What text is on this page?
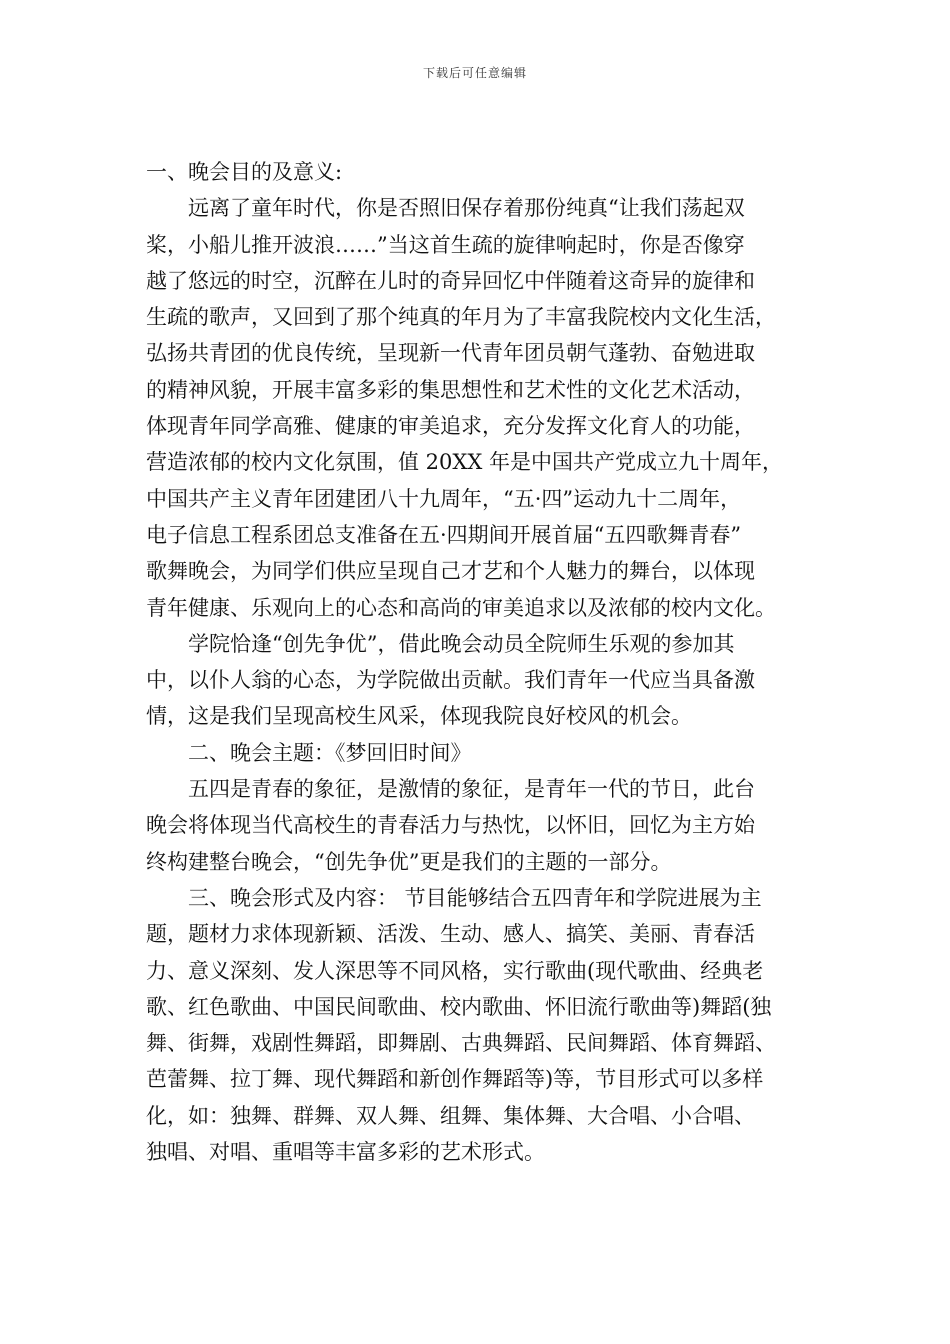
下载后可任意编辑
一、晚会目的及意义:
远离了童年时代，你是否照旧保存着那份纯真“让我们荡起双
桨，小船儿推开波浪……”当这首生疏的旋律响起时，你是否像穿
越了悠远的时空，沉醉在儿时的奇异回忆中伴随着这奇异的旋律和
生疏的歌声，又回到了那个纯真的年月为了丰富我院校内文化生活，
弘扬共青团的优良传统，呈现新一代青年团员朝气蓬勃、奋勉进取
的精神风貌，开展丰富多彩的集思想性和艺术性的文化艺术活动，
体现青年同学高雅、健康的审美追求，充分发挥文化育人的功能，
营造浓郁的校内文化氛围，值 20XX 年是中国共产党成立九十周年，
中国共产主义青年团建团八十九周年，“五·四”运动九十二周年，
电子信息工程系团总支准备在五·四期间开展首届“五四歌舞青春”
歌舞晚会，为同学们供应呈现自己才艺和个人魅力的舞台，以体现
青年健康、乐观向上的心态和高尚的审美追求以及浓郁的校内文化。
学院恰逢“创先争优”，借此晚会动员全院师生乐观的参加其
中，以仆人翁的心态，为学院做出贡献。我们青年一代应当具备激
情，这是我们呈现高校生风采，体现我院良好校风的机会。
二、晚会主题：《梦回旧时间》
五四是青春的象征，是激情的象征，是青年一代的节日，此台
晚会将体现当代高校生的青春活力与热忱，以怀旧，回忆为主方始
终构建整台晚会，“创先争优”更是我们的主题的一部分。
三、晚会形式及内容： 节目能够结合五四青年和学院进展为主
题，题材力求体现新颖、活泼、生动、感人、搞笑、美丽、青春活
力、意义深刻、发人深思等不同风格，实行歌曲(现代歌曲、经典老
歌、红色歌曲、中国民间歌曲、校内歌曲、怀旧流行歌曲等)舞蹈(独
舞、街舞，戏剧性舞蹈，即舞剧、古典舞蹈、民间舞蹈、体育舞蹈、
芭蕾舞、拉丁舞、现代舞蹈和新创作舞蹈等)等，节目形式可以多样
化，如：独舞、群舞、双人舞、组舞、集体舞、大合唱、小合唱、
独唱、对唱、重唱等丰富多彩的艺术形式。
